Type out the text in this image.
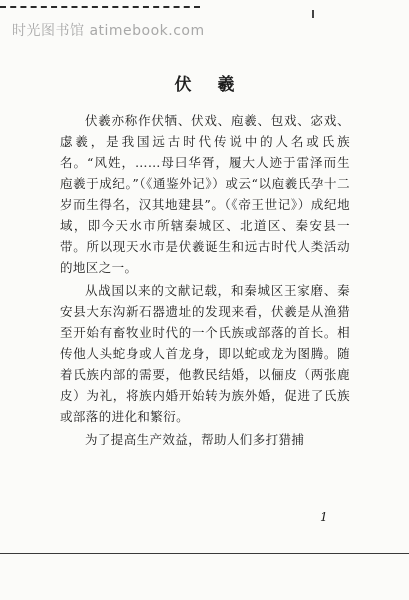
时光图书馆 atimebook.com
伏 羲

伏羲亦称作伏牺、伏戏、庖羲、包戏、宓戏、虙羲，是我国远古时代传说中的人名或氏族名。“风姓，……母曰华胥，履大人迹于雷泽而生庖羲于成纪。”（《通鉴外记》）或云“以庖羲氏孕十二岁而生得名，汉其地建县”。（《帝王世记》）成纪地域，即今天水市所辖秦城区、北道区、秦安县一带。所以现天水市是伏羲诞生和远古时代人类活动的地区之一。

从战国以来的文献记载，和秦城区王家磨、秦安县大东沟新石器遗址的发现来看，伏羲是从渔猎至开始有畜牧业时代的一个氏族或部落的首长。相传他人头蛇身或人首龙身，即以蛇或龙为图腾。随着氏族内部的需要，他教民结婚，以俪皮（两张鹿皮）为礼，将族内婚开始转为族外婚，促进了氏族或部落的进化和繁衍。

为了提高生产效益，帮助人们多打猎捕

1
